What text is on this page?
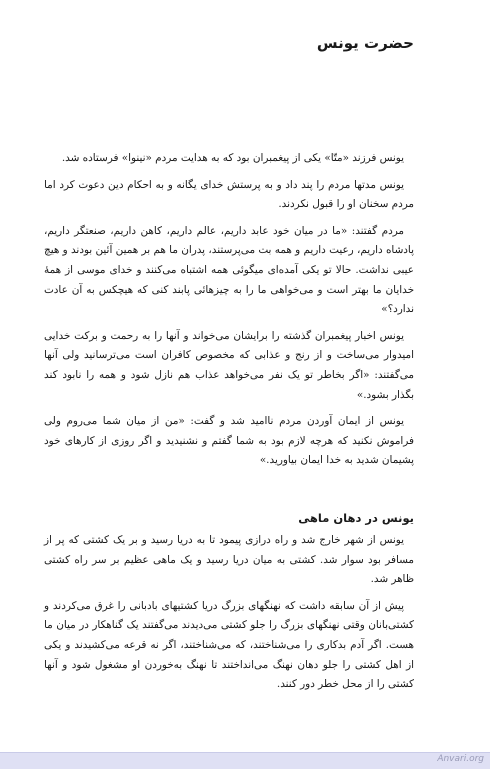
حضرت یونس

یونس فرزند «متّا» یکی از پیغمبران بود که به هدایت مردم «نینوا» فرستاده شد.

یونس مدتها مردم را پند داد و به پرستش خدای یگانه و به احکام دین دعوت کرد اما مردم سخنان او را قبول نکردند.

مردم گفتند: «ما در میان خود عابد داریم، عالم داریم، کاهن داریم، صنعتگر داریم، پادشاه داریم، رعیت داریم و همه بت می‌پرستند، پدران ما هم بر همین آئین بودند و هیچ عیبی نداشت. حالا تو یکی آمده‌ای میگوئی همه اشتباه می‌کنند و خدای موسی از همهٔ خدایان ما بهتر است و می‌خواهی ما را به چیزهائی پابند کنی که هیچکس به آن عادت ندارد؟»

یونس اخبار پیغمبران گذشته را برایشان می‌خواند و آنها را به رحمت و برکت خدایی امیدوار می‌ساخت و از رنج و عذابی که مخصوص کافران است می‌ترسانید ولی آنها می‌گفتند: «اگر بخاطر تو یک نفر می‌خواهد عذاب هم نازل شود و همه را نابود کند بگذار بشود.»

یونس از ایمان آوردن مردم ناامید شد و گفت: «من از میان شما می‌روم ولی فراموش نکنید که هرچه لازم بود به شما گفتم و نشنیدید و اگر روزی از کارهای خود پشیمان شدید به خدا ایمان بیاورید.»

یونس در دهان ماهی

یونس از شهر خارج شد و راه درازی پیمود تا به دریا رسید و بر یک کشتی که پر از مسافر بود سوار شد. کشتی به میان دریا رسید و یک ماهی عظیم بر سر راه کشتی ظاهر شد.

پیش از آن سابقه داشت که نهنگهای بزرگ دریا کشتیهای بادبانی را غرق می‌کردند و کشتی‌بانان وقتی نهنگهای بزرگ را جلو کشتی می‌دیدند می‌گفتند یک گناهکار در میان ما هست. اگر آدم بدکاری را می‌شناختند، که می‌شناختند، اگر نه قرعه می‌کشیدند و یکی از اهل کشتی را جلو دهان نهنگ می‌انداختند تا نهنگ به‌خوردن او مشغول شود و آنها کشتی را از محل خطر دور کنند.

Anvari.org
